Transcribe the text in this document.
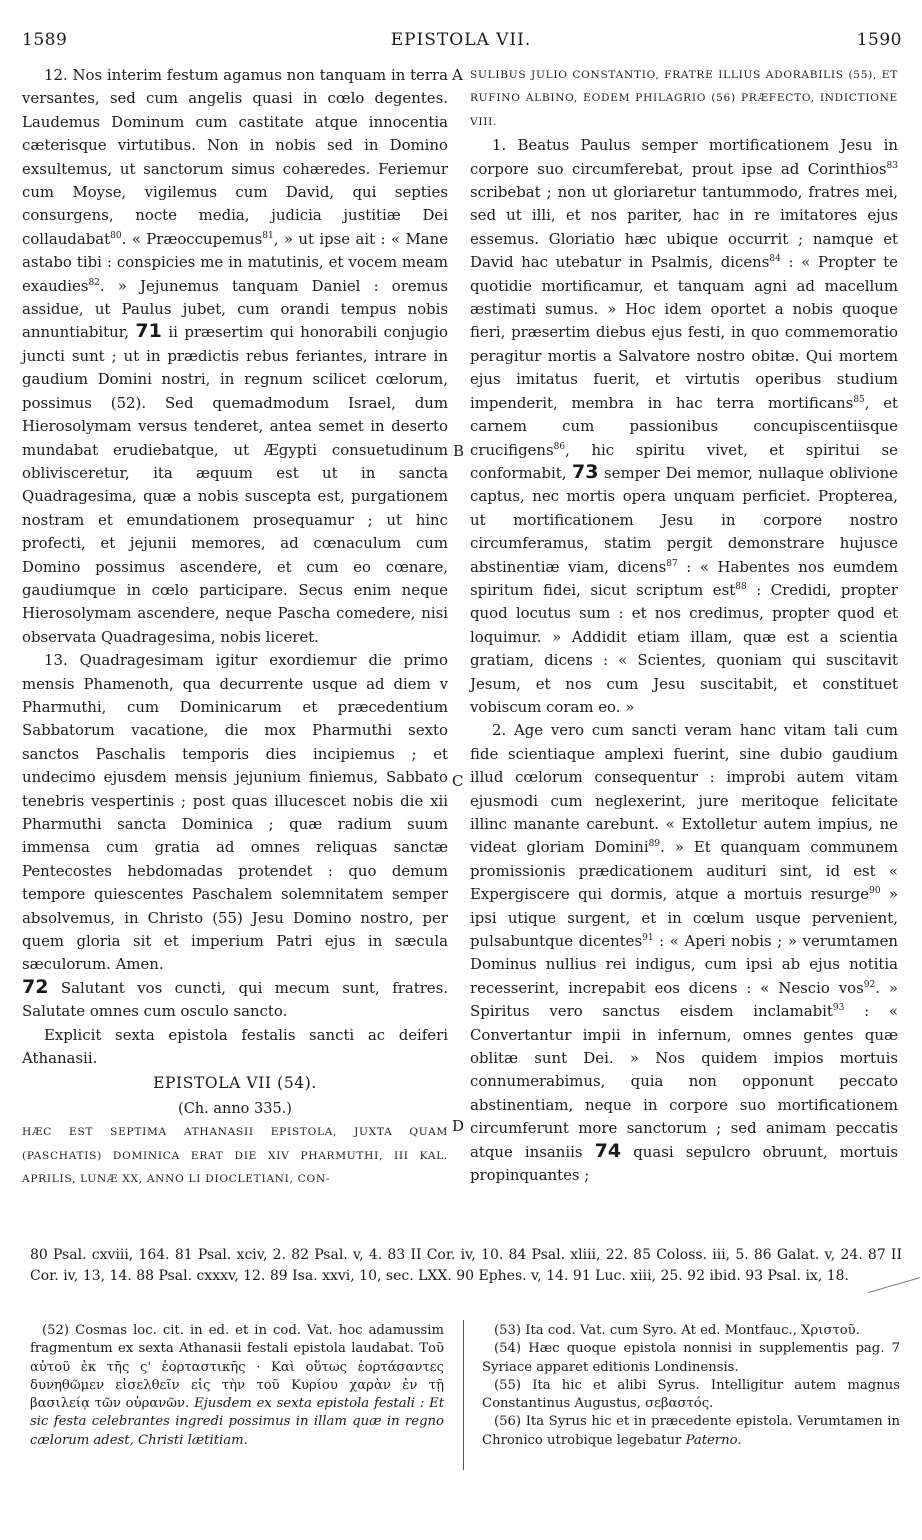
1589	EPISTOLA VII.	1590
A
B
C
D

12. Nos interim festum agamus non tanquam in terra versantes, sed cum angelis quasi in cœlo degentes. Laudemus Dominum cum castitate atque innocentia cæterisque virtutibus. Non in nobis sed in Domino exsultemus, ut sanctorum simus cohæredes. Feriemur cum Moyse, vigilemus cum David, qui septies consurgens, nocte media, judicia justitiæ Dei collaudabat$^{80}$. « Præoccupemus$^{81}$, » ut ipse ait : « Mane astabo tibi : conspicies me in matutinis, et vocem meam exaudies$^{82}$. » Jejunemus tanquam Daniel : oremus assidue, ut Paulus jubet, cum orandi tempus nobis annuntiabitur, 71 ii præsertim qui honorabili conjugio juncti sunt ; ut in prædictis rebus feriantes, intrare in gaudium Domini nostri, in regnum scilicet cœlorum, possimus (52). Sed quemadmodum Israel, dum Hierosolymam versus tenderet, antea semet in deserto mundabat erudiebatque, ut Ægypti consuetudinum oblivisceretur, ita æquum est ut in sancta Quadragesima, quæ a nobis suscepta est, purgationem nostram et emundationem prosequamur ; ut hinc profecti, et jejunii memores, ad cœnaculum cum Domino possimus ascendere, et cum eo cœnare, gaudiumque in cœlo participare. Secus enim neque Hierosolymam ascendere, neque Pascha comedere, nisi observata Quadragesima, nobis liceret.

13. Quadragesimam igitur exordiemur die primo mensis Phamenoth, qua decurrente usque ad diem v Pharmuthi, cum Dominicarum et præcedentium Sabbatorum vacatione, die mox Pharmuthi sexto sanctos Paschalis temporis dies incipiemus ; et undecimo ejusdem mensis jejunium finiemus, Sabbato tenebris vespertinis ; post quas illucescet nobis die xii Pharmuthi sancta Dominica ; quæ radium suum immensa cum gratia ad omnes reliquas sanctæ Pentecostes hebdomadas protendet : quo demum tempore quiescentes Paschalem solemnitatem semper absolvemus, in Christo (55) Jesu Domino nostro, per quem gloria sit et imperium Patri ejus in sæcula sæculorum. Amen.

72 Salutant vos cuncti, qui mecum sunt, fratres. Salutate omnes cum osculo sancto.

Explicit sexta epistola festalis sancti ac deiferi Athanasii.

EPISTOLA VII (54).

(Ch. anno 335.)

HÆC EST SEPTIMA ATHANASII EPISTOLA, JUXTA QUAM (PASCHATIS) DOMINICA ERAT DIE XIV PHARMUTHI, III KAL. APRILIS, LUNÆ XX, ANNO LI DIOCLETIANI, CON-

SULIBUS JULIO CONSTANTIO, FRATRE ILLIUS ADORABILIS (55), ET RUFINO ALBINO, EODEM PHILAGRIO (56) PRÆFECTO, INDICTIONE VIII.

1. Beatus Paulus semper mortificationem Jesu in corpore suo circumferebat, prout ipse ad Corinthios$^{83}$ scribebat ; non ut gloriaretur tantummodo, fratres mei, sed ut illi, et nos pariter, hac in re imitatores ejus essemus. Gloriatio hæc ubique occurrit ; namque et David hac utebatur in Psalmis, dicens$^{84}$ : « Propter te quotidie mortificamur, et tanquam agni ad macellum æstimati sumus. » Hoc idem oportet a nobis quoque fieri, præsertim diebus ejus festi, in quo commemoratio peragitur mortis a Salvatore nostro obitæ. Qui mortem ejus imitatus fuerit, et virtutis operibus studium impenderit, membra in hac terra mortificans$^{85}$, et carnem cum passionibus concupiscentiisque crucifigens$^{86}$, hic spiritu vivet, et spiritui se conformabit, 73 semper Dei memor, nullaque oblivione captus, nec mortis opera unquam perficiet. Propterea, ut mortificationem Jesu in corpore nostro circumferamus, statim pergit demonstrare hujusce abstinentiæ viam, dicens$^{87}$ : « Habentes nos eumdem spiritum fidei, sicut scriptum est$^{88}$ : Credidi, propter quod locutus sum : et nos credimus, propter quod et loquimur. » Addidit etiam illam, quæ est a scientia gratiam, dicens : « Scientes, quoniam qui suscitavit Jesum, et nos cum Jesu suscitabit, et constituet vobiscum coram eo. »

2. Age vero cum sancti veram hanc vitam tali cum fide scientiaque amplexi fuerint, sine dubio gaudium illud cœlorum consequentur : improbi autem vitam ejusmodi cum neglexerint, jure meritoque felicitate illinc manante carebunt. « Extolletur autem impius, ne videat gloriam Domini$^{89}$. » Et quanquam communem promissionis prædicationem audituri sint, id est « Expergiscere qui dormis, atque a mortuis resurge$^{90}$ » ipsi utique surgent, et in cœlum usque pervenient, pulsabuntque dicentes$^{91}$ : « Aperi nobis ; » verumtamen Dominus nullius rei indigus, cum ipsi ab ejus notitia recesserint, increpabit eos dicens : « Nescio vos$^{92}$. » Spiritus vero sanctus eisdem inclamabit$^{93}$ : « Convertantur impii in infernum, omnes gentes quæ oblitæ sunt Dei. » Nos quidem impios mortuis connumerabimus, quia non opponunt peccato abstinentiam, neque in corpore suo mortificationem circumferunt more sanctorum ; sed animam peccatis atque insaniis 74 quasi sepulcro obruunt, mortuis propinquantes ;

80 Psal. cxviii, 164. 81 Psal. xciv, 2. 82 Psal. v, 4. 83 II Cor. iv, 10. 84 Psal. xliii, 22. 85 Coloss. iii, 5. 86 Galat. v, 24. 87 II Cor. iv, 13, 14. 88 Psal. cxxxv, 12. 89 Isa. xxvi, 10, sec. LXX. 90 Ephes. v, 14. 91 Luc. xiii, 25. 92 ibid. 93 Psal. ix, 18.

(52) Cosmas loc. cit. in ed. et in cod. Vat. hoc adamussim fragmentum ex sexta Athanasii festali epistola laudabat. Τοῦ αὐτοῦ ἐκ τῆς ς' ἑορταστικῆς · Καὶ οὕτως ἑορτάσαντες δυνηθῶμεν εἰσελθεῖν εἰς τὴν τοῦ Κυρίου χαρὰν ἐν τῇ βασιλείᾳ τῶν οὐρανῶν. Ejusdem ex sexta epistola festali : Et sic festa celebrantes ingredi possimus in illam quæ in regno cælorum adest, Christi lætitiam.

(53) Ita cod. Vat. cum Syro. At ed. Montfauc., Χριστοῦ.

(54) Hæc quoque epistola nonnisi in supplementis pag. 7 Syriace apparet editionis Londinensis.

(55) Ita hic et alibi Syrus. Intelligitur autem magnus Constantinus Augustus, σεβαστός.

(56) Ita Syrus hic et in præcedente epistola. Verumtamen in Chronico utrobique legebatur Paterno.
